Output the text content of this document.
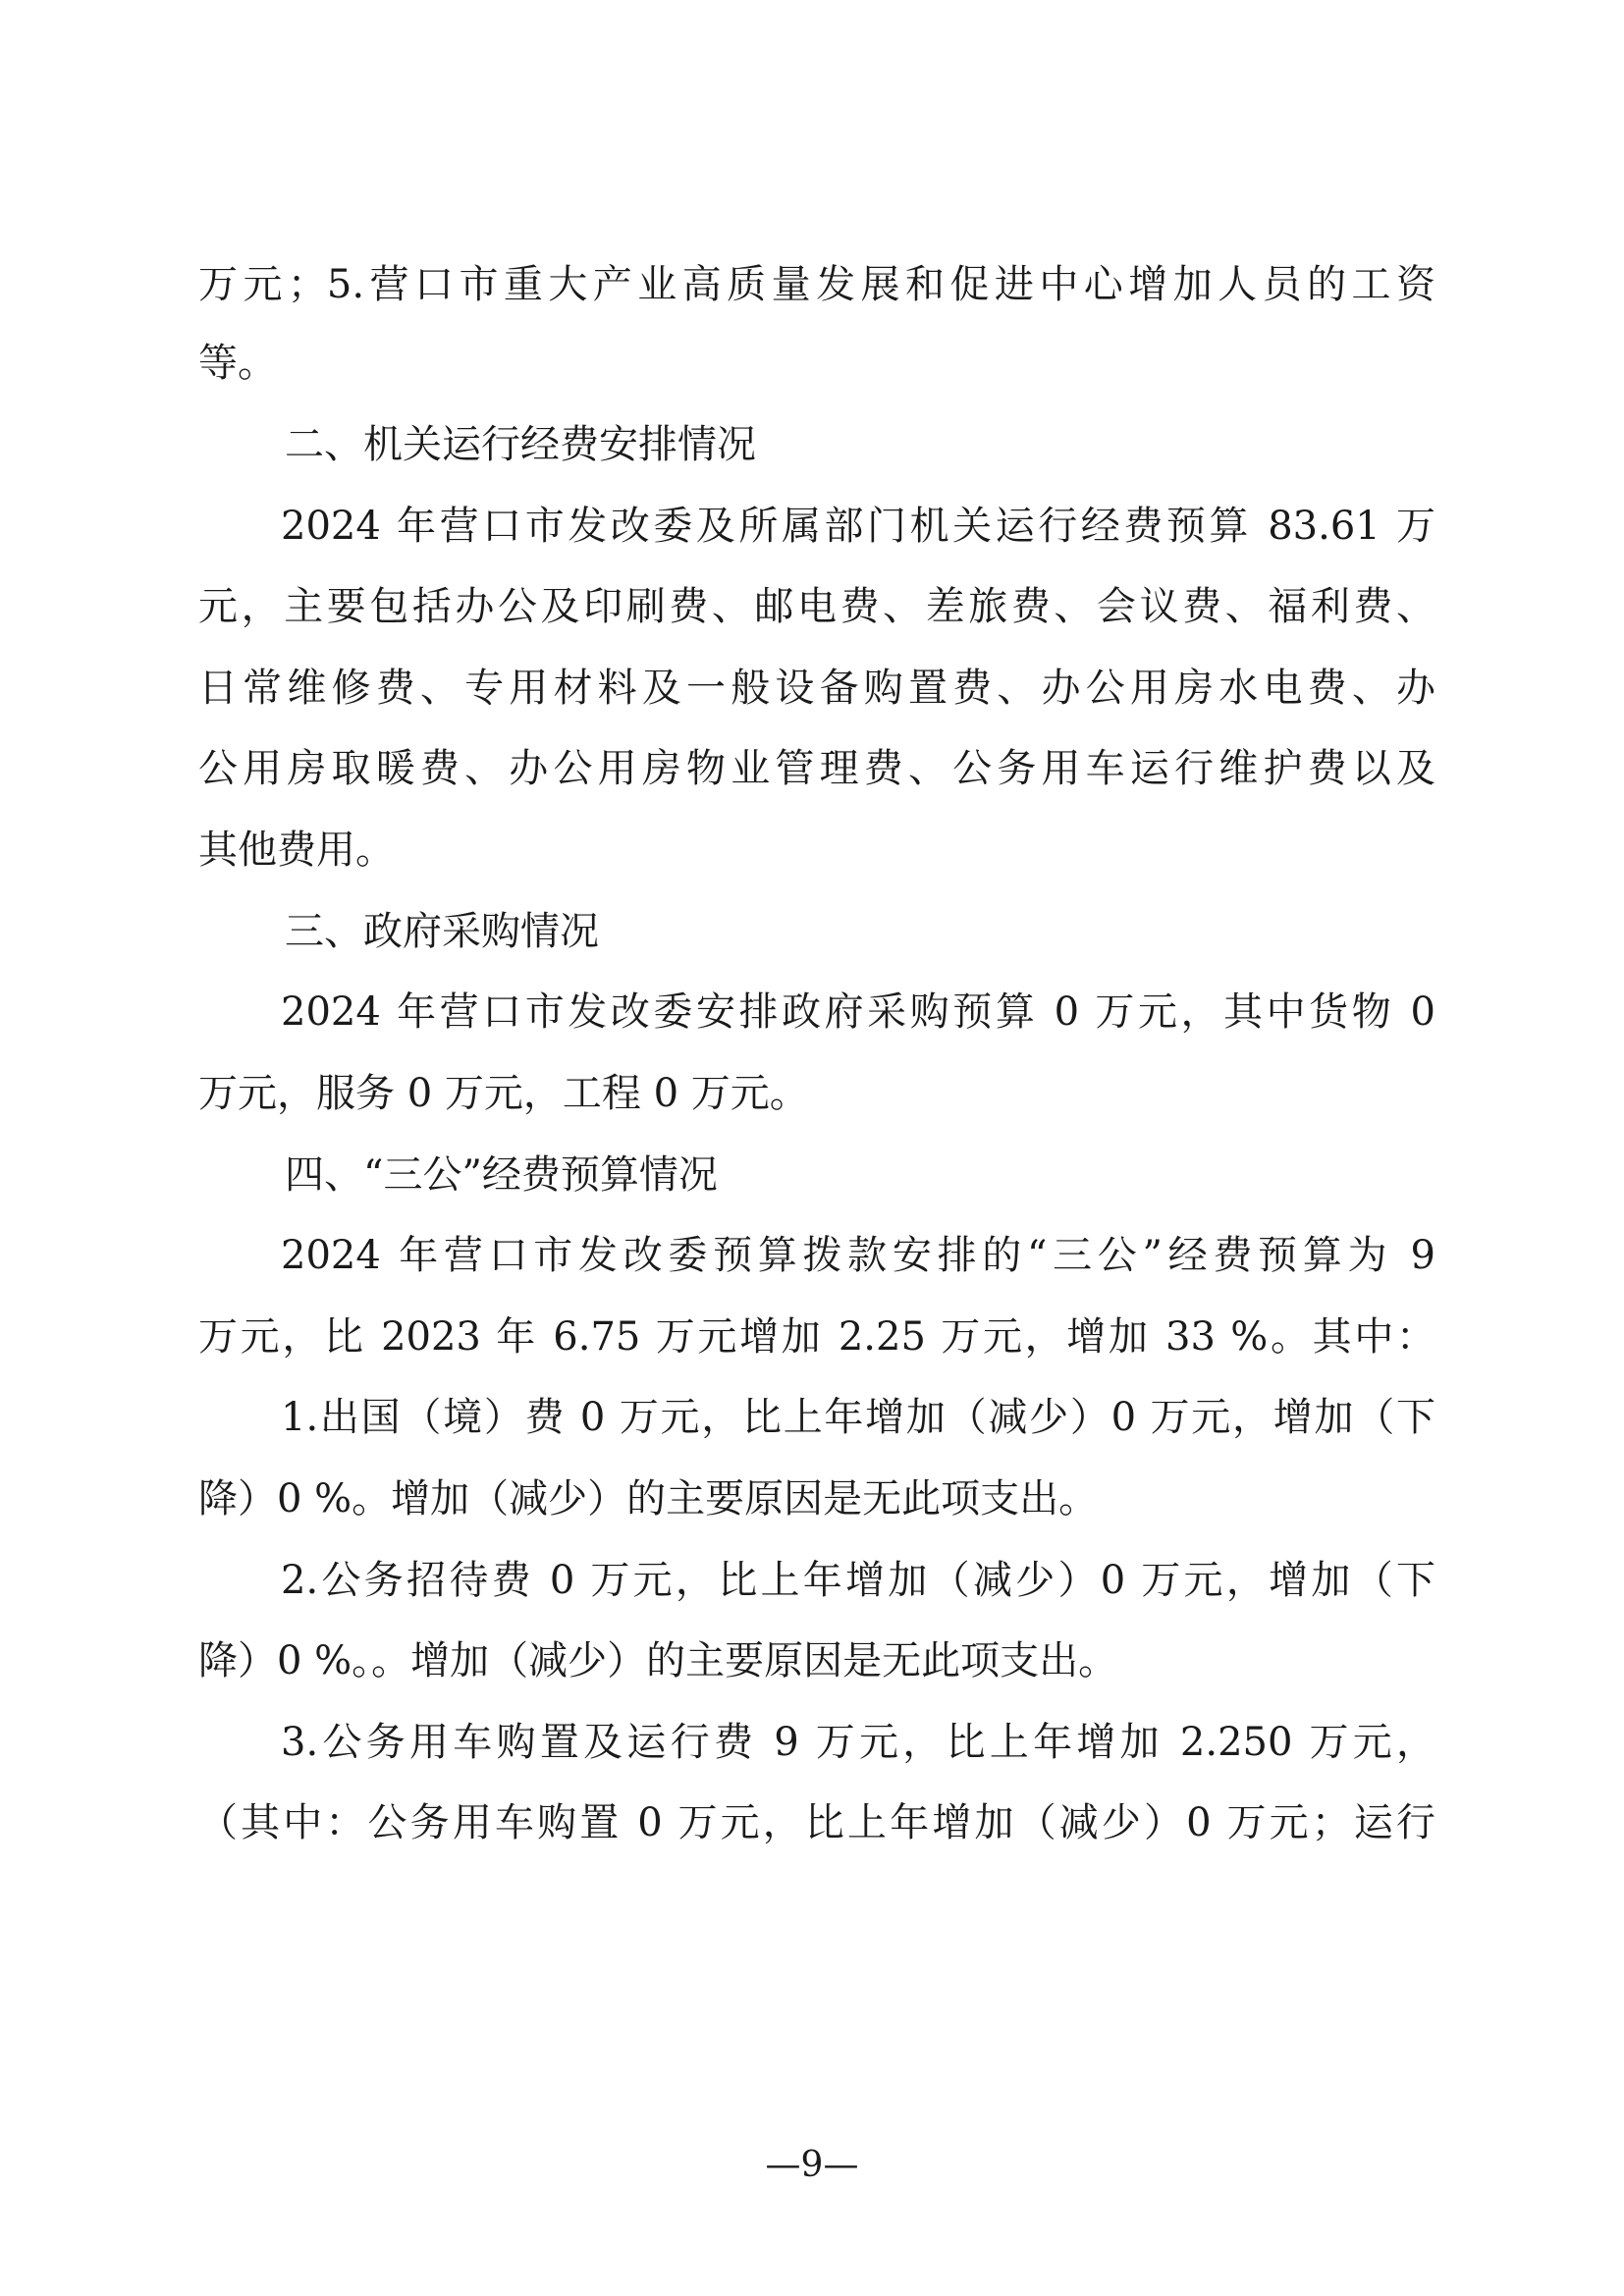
万元；5.营口市重大产业高质量发展和促进中心增加人员的工资
等。
二、机关运行经费安排情况
2024 年营口市发改委及所属部门机关运行经费预算 83.61 万
元，主要包括办公及印刷费、邮电费、差旅费、会议费、福利费、
日常维修费、专用材料及一般设备购置费、办公用房水电费、办
公用房取暖费、办公用房物业管理费、公务用车运行维护费以及
其他费用。
三、政府采购情况
2024 年营口市发改委安排政府采购预算 0 万元，其中货物 0
万元，服务 0 万元，工程 0 万元。
四、“三公”经费预算情况
2024 年营口市发改委预算拨款安排的“三公”经费预算为 9
万元，比 2023 年 6.75 万元增加 2.25 万元，增加 33 %。其中：
1.出国（境）费 0 万元，比上年增加（减少）0 万元，增加（下
降）0 %。增加（减少）的主要原因是无此项支出。
2.公务招待费 0 万元，比上年增加（减少）0 万元，增加（下
降）0 %。。增加（减少）的主要原因是无此项支出。
3.公务用车购置及运行费 9 万元，比上年增加 2.250 万元，
（其中：公务用车购置 0 万元，比上年增加（减少）0 万元；运行
—9—
